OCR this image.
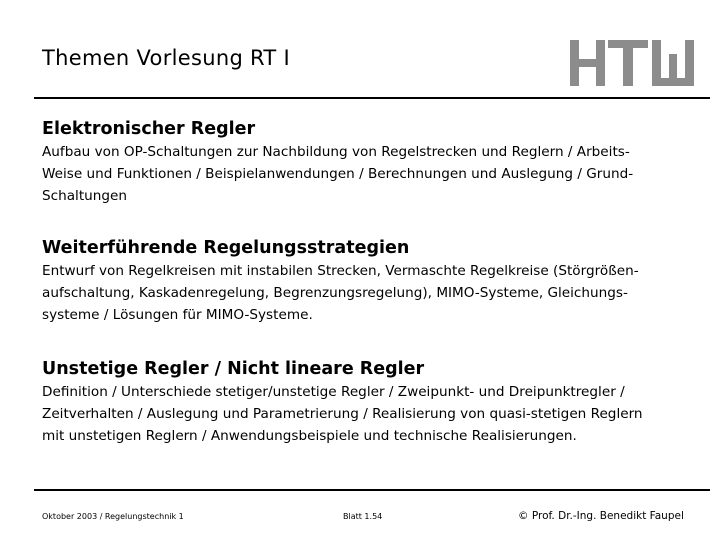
Themen Vorlesung RT I
Elektronischer Regler
Aufbau von OP-Schaltungen zur Nachbildung von Regelstrecken und Reglern / Arbeits-
Weise und Funktionen / Beispielanwendungen / Berechnungen und Auslegung / Grund-
Schaltungen
Weiterführende Regelungsstrategien
Entwurf von Regelkreisen mit instabilen Strecken, Vermaschte Regelkreise (Störgrößen-
aufschaltung, Kaskadenregelung, Begrenzungsregelung), MIMO-Systeme, Gleichungs-
systeme / Lösungen für MIMO-Systeme.
Unstetige Regler / Nicht lineare Regler
Definition / Unterschiede stetiger/unstetige Regler / Zweipunkt- und Dreipunktregler /
Zeitverhalten / Auslegung und Parametrierung / Realisierung von quasi-stetigen Reglern
mit unstetigen Reglern / Anwendungsbeispiele und technische Realisierungen.
Oktober 2003 / Regelungstechnik 1	Blatt 1.54	© Prof. Dr.-Ing. Benedikt Faupel
